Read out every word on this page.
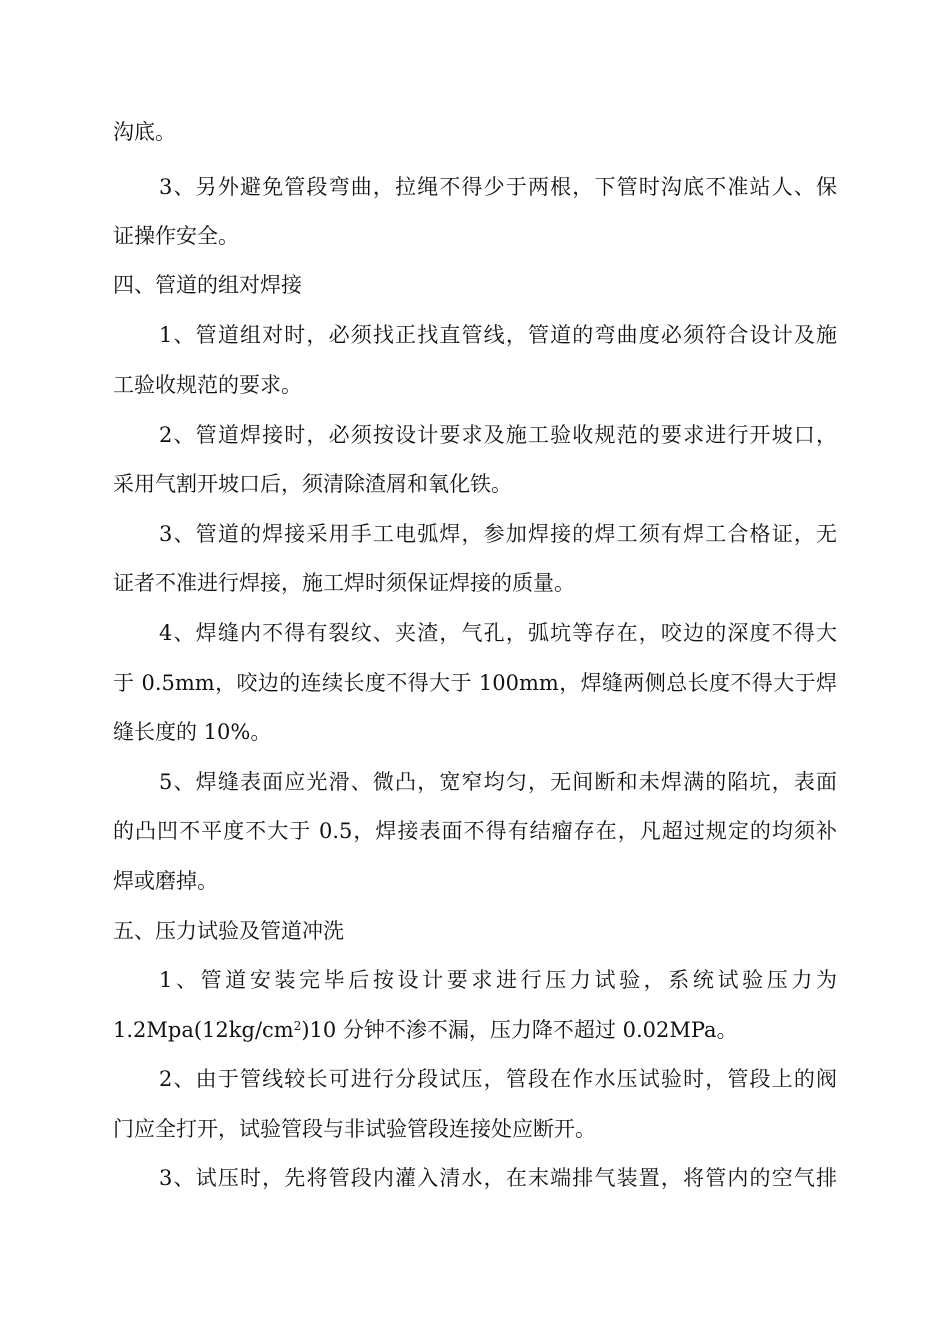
沟底。
3、另外避免管段弯曲，拉绳不得少于两根，下管时沟底不准站人、保
证操作安全。
四、管道的组对焊接
1、管道组对时，必须找正找直管线，管道的弯曲度必须符合设计及施
工验收规范的要求。
2、管道焊接时，必须按设计要求及施工验收规范的要求进行开坡口，
采用气割开坡口后，须清除渣屑和氧化铁。
3、管道的焊接采用手工电弧焊，参加焊接的焊工须有焊工合格证，无
证者不准进行焊接，施工焊时须保证焊接的质量。
4、焊缝内不得有裂纹、夹渣，气孔，弧坑等存在，咬边的深度不得大
于 0.5mm，咬边的连续长度不得大于 100mm，焊缝两侧总长度不得大于焊
缝长度的 10%。
5、焊缝表面应光滑、微凸，宽窄均匀，无间断和未焊满的陷坑，表面
的凸凹不平度不大于 0.5，焊接表面不得有结瘤存在，凡超过规定的均须补
焊或磨掉。
五、压力试验及管道冲洗
1、管道安装完毕后按设计要求进行压力试验，系统试验压力为
$1.2Mpa(12kg/cm^2)10$ 分钟不渗不漏，压力降不超过 0.02MPa。
2、由于管线较长可进行分段试压，管段在作水压试验时，管段上的阀
门应全打开，试验管段与非试验管段连接处应断开。
3、试压时，先将管段内灌入清水，在末端排气装置，将管内的空气排
